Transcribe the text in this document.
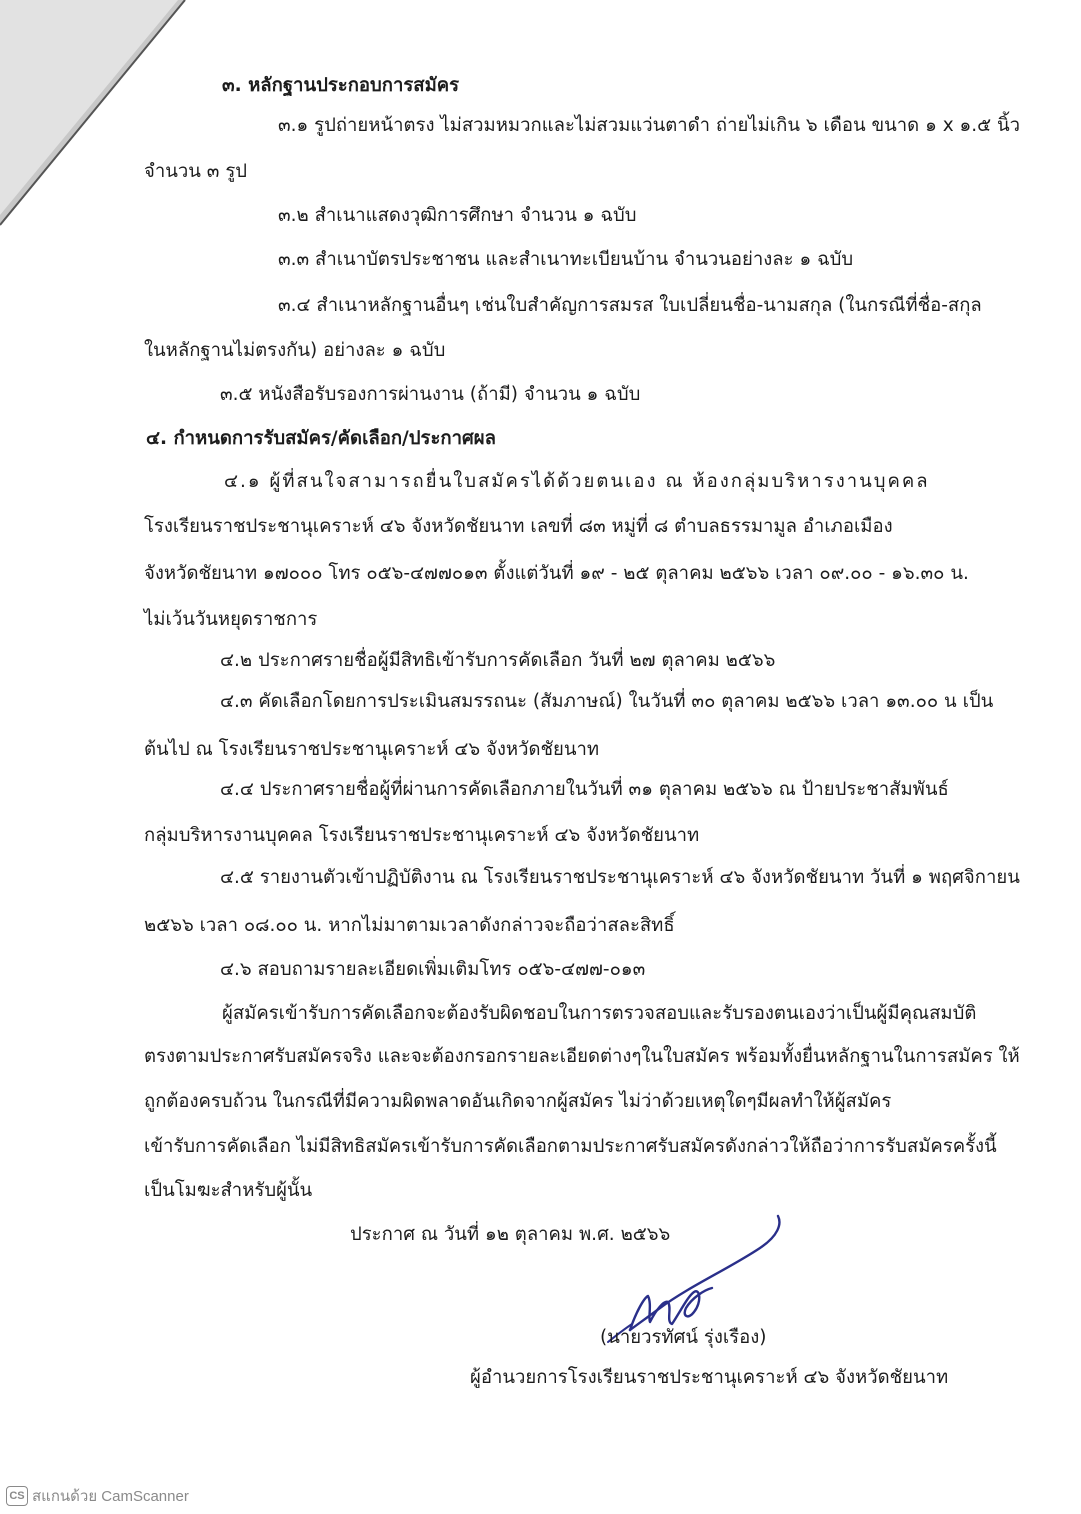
๓. หลักฐานประกอบการสมัคร
๓.๑ รูปถ่ายหน้าตรง ไม่สวมหมวกและไม่สวมแว่นตาดำ ถ่ายไม่เกิน ๖ เดือน ขนาด ๑ x ๑.๕ นิ้ว
จำนวน ๓ รูป
๓.๒ สำเนาแสดงวุฒิการศึกษา จำนวน ๑ ฉบับ
๓.๓ สำเนาบัตรประชาชน และสำเนาทะเบียนบ้าน จำนวนอย่างละ ๑ ฉบับ
๓.๔ สำเนาหลักฐานอื่นๆ เช่นใบสำคัญการสมรส ใบเปลี่ยนชื่อ-นามสกุล (ในกรณีที่ชื่อ-สกุล
ในหลักฐานไม่ตรงกัน) อย่างละ ๑ ฉบับ
๓.๕ หนังสือรับรองการผ่านงาน (ถ้ามี) จำนวน ๑ ฉบับ
๔. กำหนดการรับสมัคร/คัดเลือก/ประกาศผล
๔.๑ ผู้ที่สนใจสามารถยื่นใบสมัครได้ด้วยตนเอง ณ ห้องกลุ่มบริหารงานบุคคล
โรงเรียนราชประชานุเคราะห์ ๔๖ จังหวัดชัยนาท เลขที่ ๘๓ หมู่ที่ ๘ ตำบลธรรมามูล อำเภอเมือง
จังหวัดชัยนาท ๑๗๐๐๐ โทร ๐๕๖-๔๗๗๐๑๓ ตั้งแต่วันที่ ๑๙ - ๒๕ ตุลาคม ๒๕๖๖ เวลา ๐๙.๐๐ - ๑๖.๓๐ น.
ไม่เว้นวันหยุดราชการ
๔.๒ ประกาศรายชื่อผู้มีสิทธิเข้ารับการคัดเลือก วันที่ ๒๗ ตุลาคม ๒๕๖๖
๔.๓ คัดเลือกโดยการประเมินสมรรถนะ (สัมภาษณ์) ในวันที่ ๓๐ ตุลาคม ๒๕๖๖ เวลา ๑๓.๐๐ น เป็น
ต้นไป ณ โรงเรียนราชประชานุเคราะห์ ๔๖ จังหวัดชัยนาท
๔.๔ ประกาศรายชื่อผู้ที่ผ่านการคัดเลือกภายในวันที่ ๓๑ ตุลาคม ๒๕๖๖ ณ ป้ายประชาสัมพันธ์
กลุ่มบริหารงานบุคคล โรงเรียนราชประชานุเคราะห์ ๔๖ จังหวัดชัยนาท
๔.๕ รายงานตัวเข้าปฏิบัติงาน ณ โรงเรียนราชประชานุเคราะห์ ๔๖ จังหวัดชัยนาท วันที่ ๑ พฤศจิกายน
๒๕๖๖ เวลา ๐๘.๐๐ น. หากไม่มาตามเวลาดังกล่าวจะถือว่าสละสิทธิ์
๔.๖ สอบถามรายละเอียดเพิ่มเติมโทร ๐๕๖-๔๗๗-๐๑๓
ผู้สมัครเข้ารับการคัดเลือกจะต้องรับผิดชอบในการตรวจสอบและรับรองตนเองว่าเป็นผู้มีคุณสมบัติ
ตรงตามประกาศรับสมัครจริง และจะต้องกรอกรายละเอียดต่างๆในใบสมัคร พร้อมทั้งยื่นหลักฐานในการสมัคร ให้
ถูกต้องครบถ้วน ในกรณีที่มีความผิดพลาดอันเกิดจากผู้สมัคร ไม่ว่าด้วยเหตุใดๆมีผลทำให้ผู้สมัคร
เข้ารับการคัดเลือก ไม่มีสิทธิสมัครเข้ารับการคัดเลือกตามประกาศรับสมัครดังกล่าวให้ถือว่าการรับสมัครครั้งนี้
เป็นโมฆะสำหรับผู้นั้น
ประกาศ ณ วันที่ ๑๒ ตุลาคม พ.ศ. ๒๕๖๖
(นายวรทัศน์ รุ่งเรือง)
ผู้อำนวยการโรงเรียนราชประชานุเคราะห์ ๔๖ จังหวัดชัยนาท
CS สแกนด้วย CamScanner
